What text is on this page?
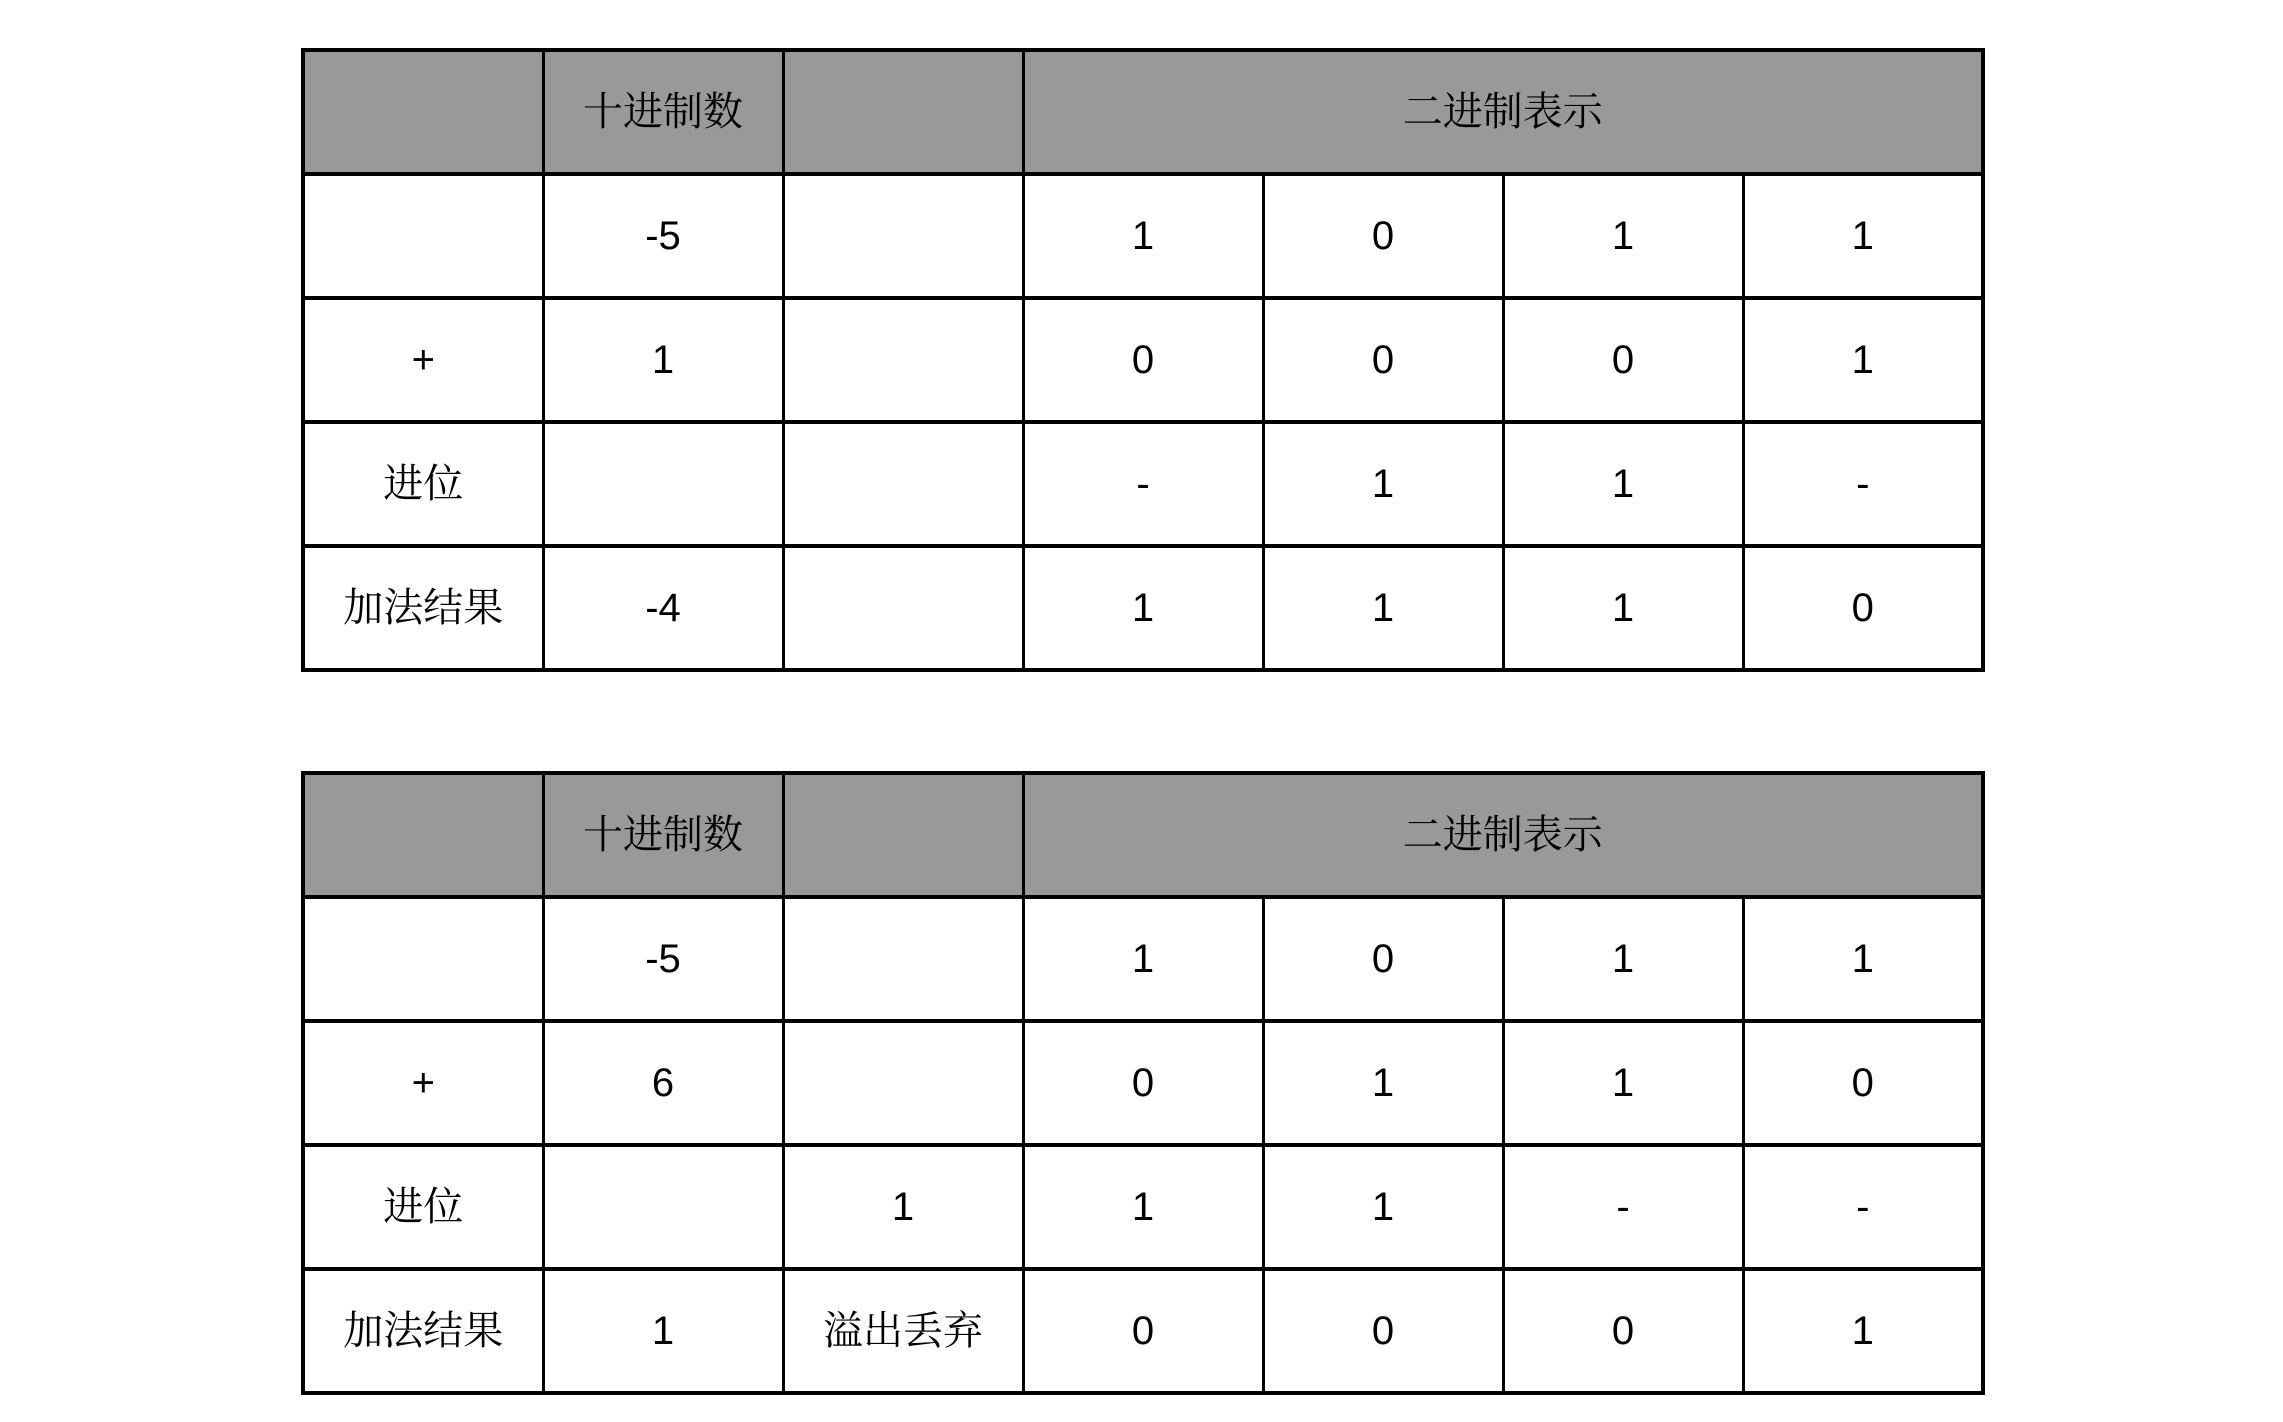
	十进制数		二进制表示			
	-5		1	0	1	1
+	1		0	0	0	1
进位			-	1	1	-
加法结果	-4		1	1	1	0
	十进制数		二进制表示			
	-5		1	0	1	1
+	6		0	1	1	0
进位		1	1	1	-	-
加法结果	1	溢出丢弃	0	0	0	1
